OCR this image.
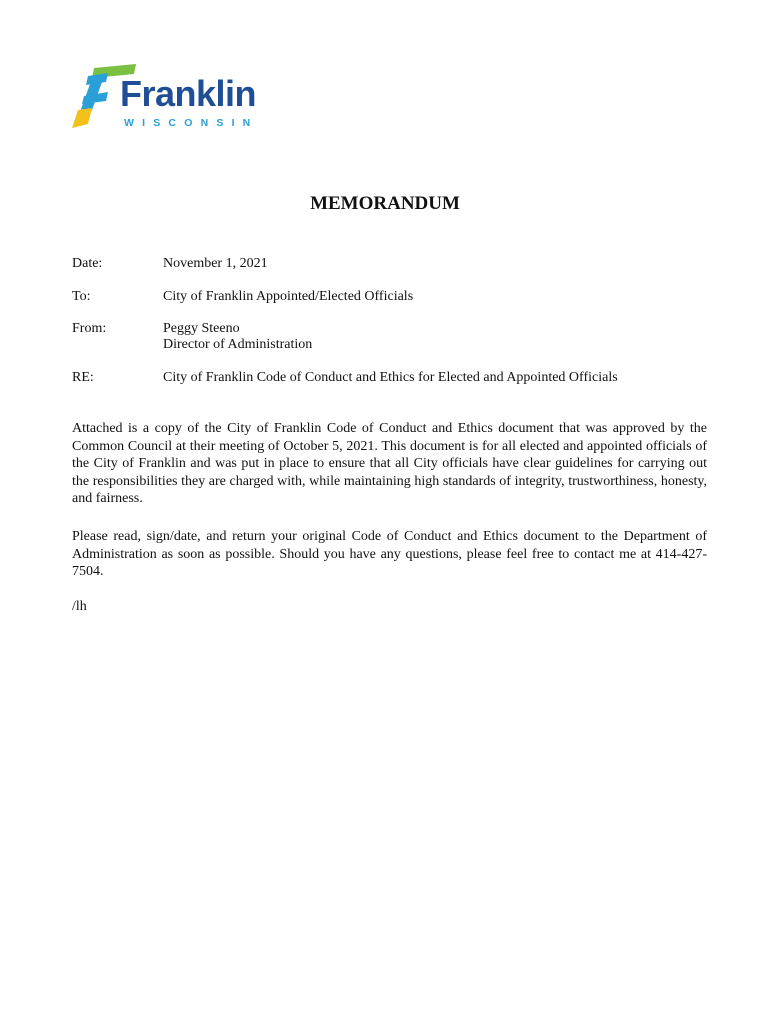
Franklin
WISCONSIN
MEMORANDUM
Date:	November 1, 2021
To:	City of Franklin Appointed/Elected Officials
From:	Peggy Steeno
Director of Administration
RE:	City of Franklin Code of Conduct and Ethics for Elected and Appointed Officials
Attached is a copy of the City of Franklin Code of Conduct and Ethics document that was approved by the Common Council at their meeting of October 5, 2021. This document is for all elected and appointed officials of the City of Franklin and was put in place to ensure that all City officials have clear guidelines for carrying out the responsibilities they are charged with, while maintaining high standards of integrity, trustworthiness, honesty, and fairness.
Please read, sign/date, and return your original Code of Conduct and Ethics document to the Department of Administration as soon as possible. Should you have any questions, please feel free to contact me at 414-427-7504.
/lh
